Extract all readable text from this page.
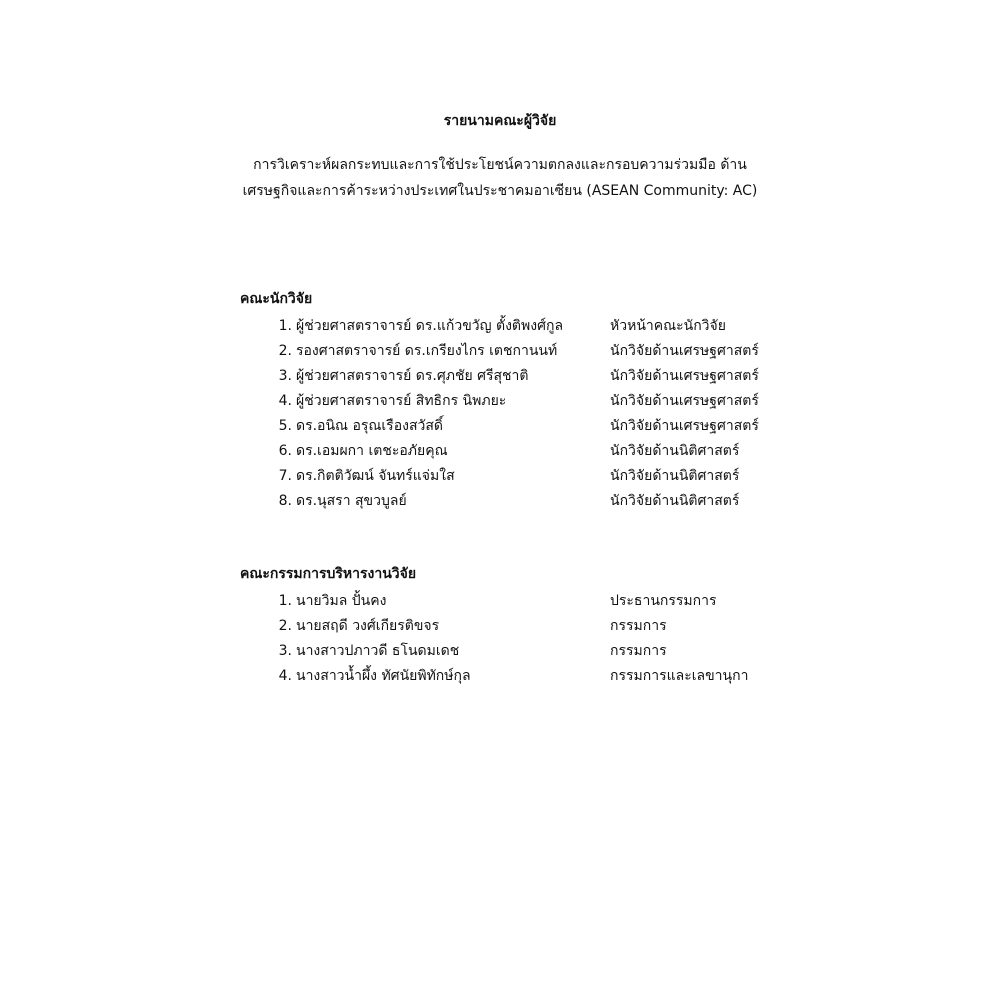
รายนามคณะผู้วิจัย
การวิเคราะห์ผลกระทบและการใช้ประโยชน์ความตกลงและกรอบความร่วมมือ ด้าน
เศรษฐกิจและการค้าระหว่างประเทศในประชาคมอาเซียน (ASEAN Community: AC)
คณะนักวิจัย
1. ผู้ช่วยศาสตราจารย์ ดร.แก้วขวัญ ตั้งติพงศ์กูล	หัวหน้าคณะนักวิจัย
2. รองศาสตราจารย์ ดร.เกรียงไกร เตชกานนท์	นักวิจัยด้านเศรษฐศาสตร์
3. ผู้ช่วยศาสตราจารย์ ดร.ศุภชัย ศรีสุชาติ	นักวิจัยด้านเศรษฐศาสตร์
4. ผู้ช่วยศาสตราจารย์ สิทธิกร นิพภยะ	นักวิจัยด้านเศรษฐศาสตร์
5. ดร.อนิณ อรุณเรืองสวัสดิ์	นักวิจัยด้านเศรษฐศาสตร์
6. ดร.เอมผกา เตชะอภัยคุณ	นักวิจัยด้านนิติศาสตร์
7. ดร.กิตติวัฒน์ จันทร์แจ่มใส	นักวิจัยด้านนิติศาสตร์
8. ดร.นุสรา สุขวบูลย์	นักวิจัยด้านนิติศาสตร์
คณะกรรมการบริหารงานวิจัย
1. นายวิมล ปั้นคง	ประธานกรรมการ
2. นายสฤดี วงศ์เกียรติขจร	กรรมการ
3. นางสาวปภาวดี ธโนดมเดช	กรรมการ
4. นางสาวน้ำผึ้ง ทัศนัยพิทักษ์กุล	กรรมการและเลขานุกา
